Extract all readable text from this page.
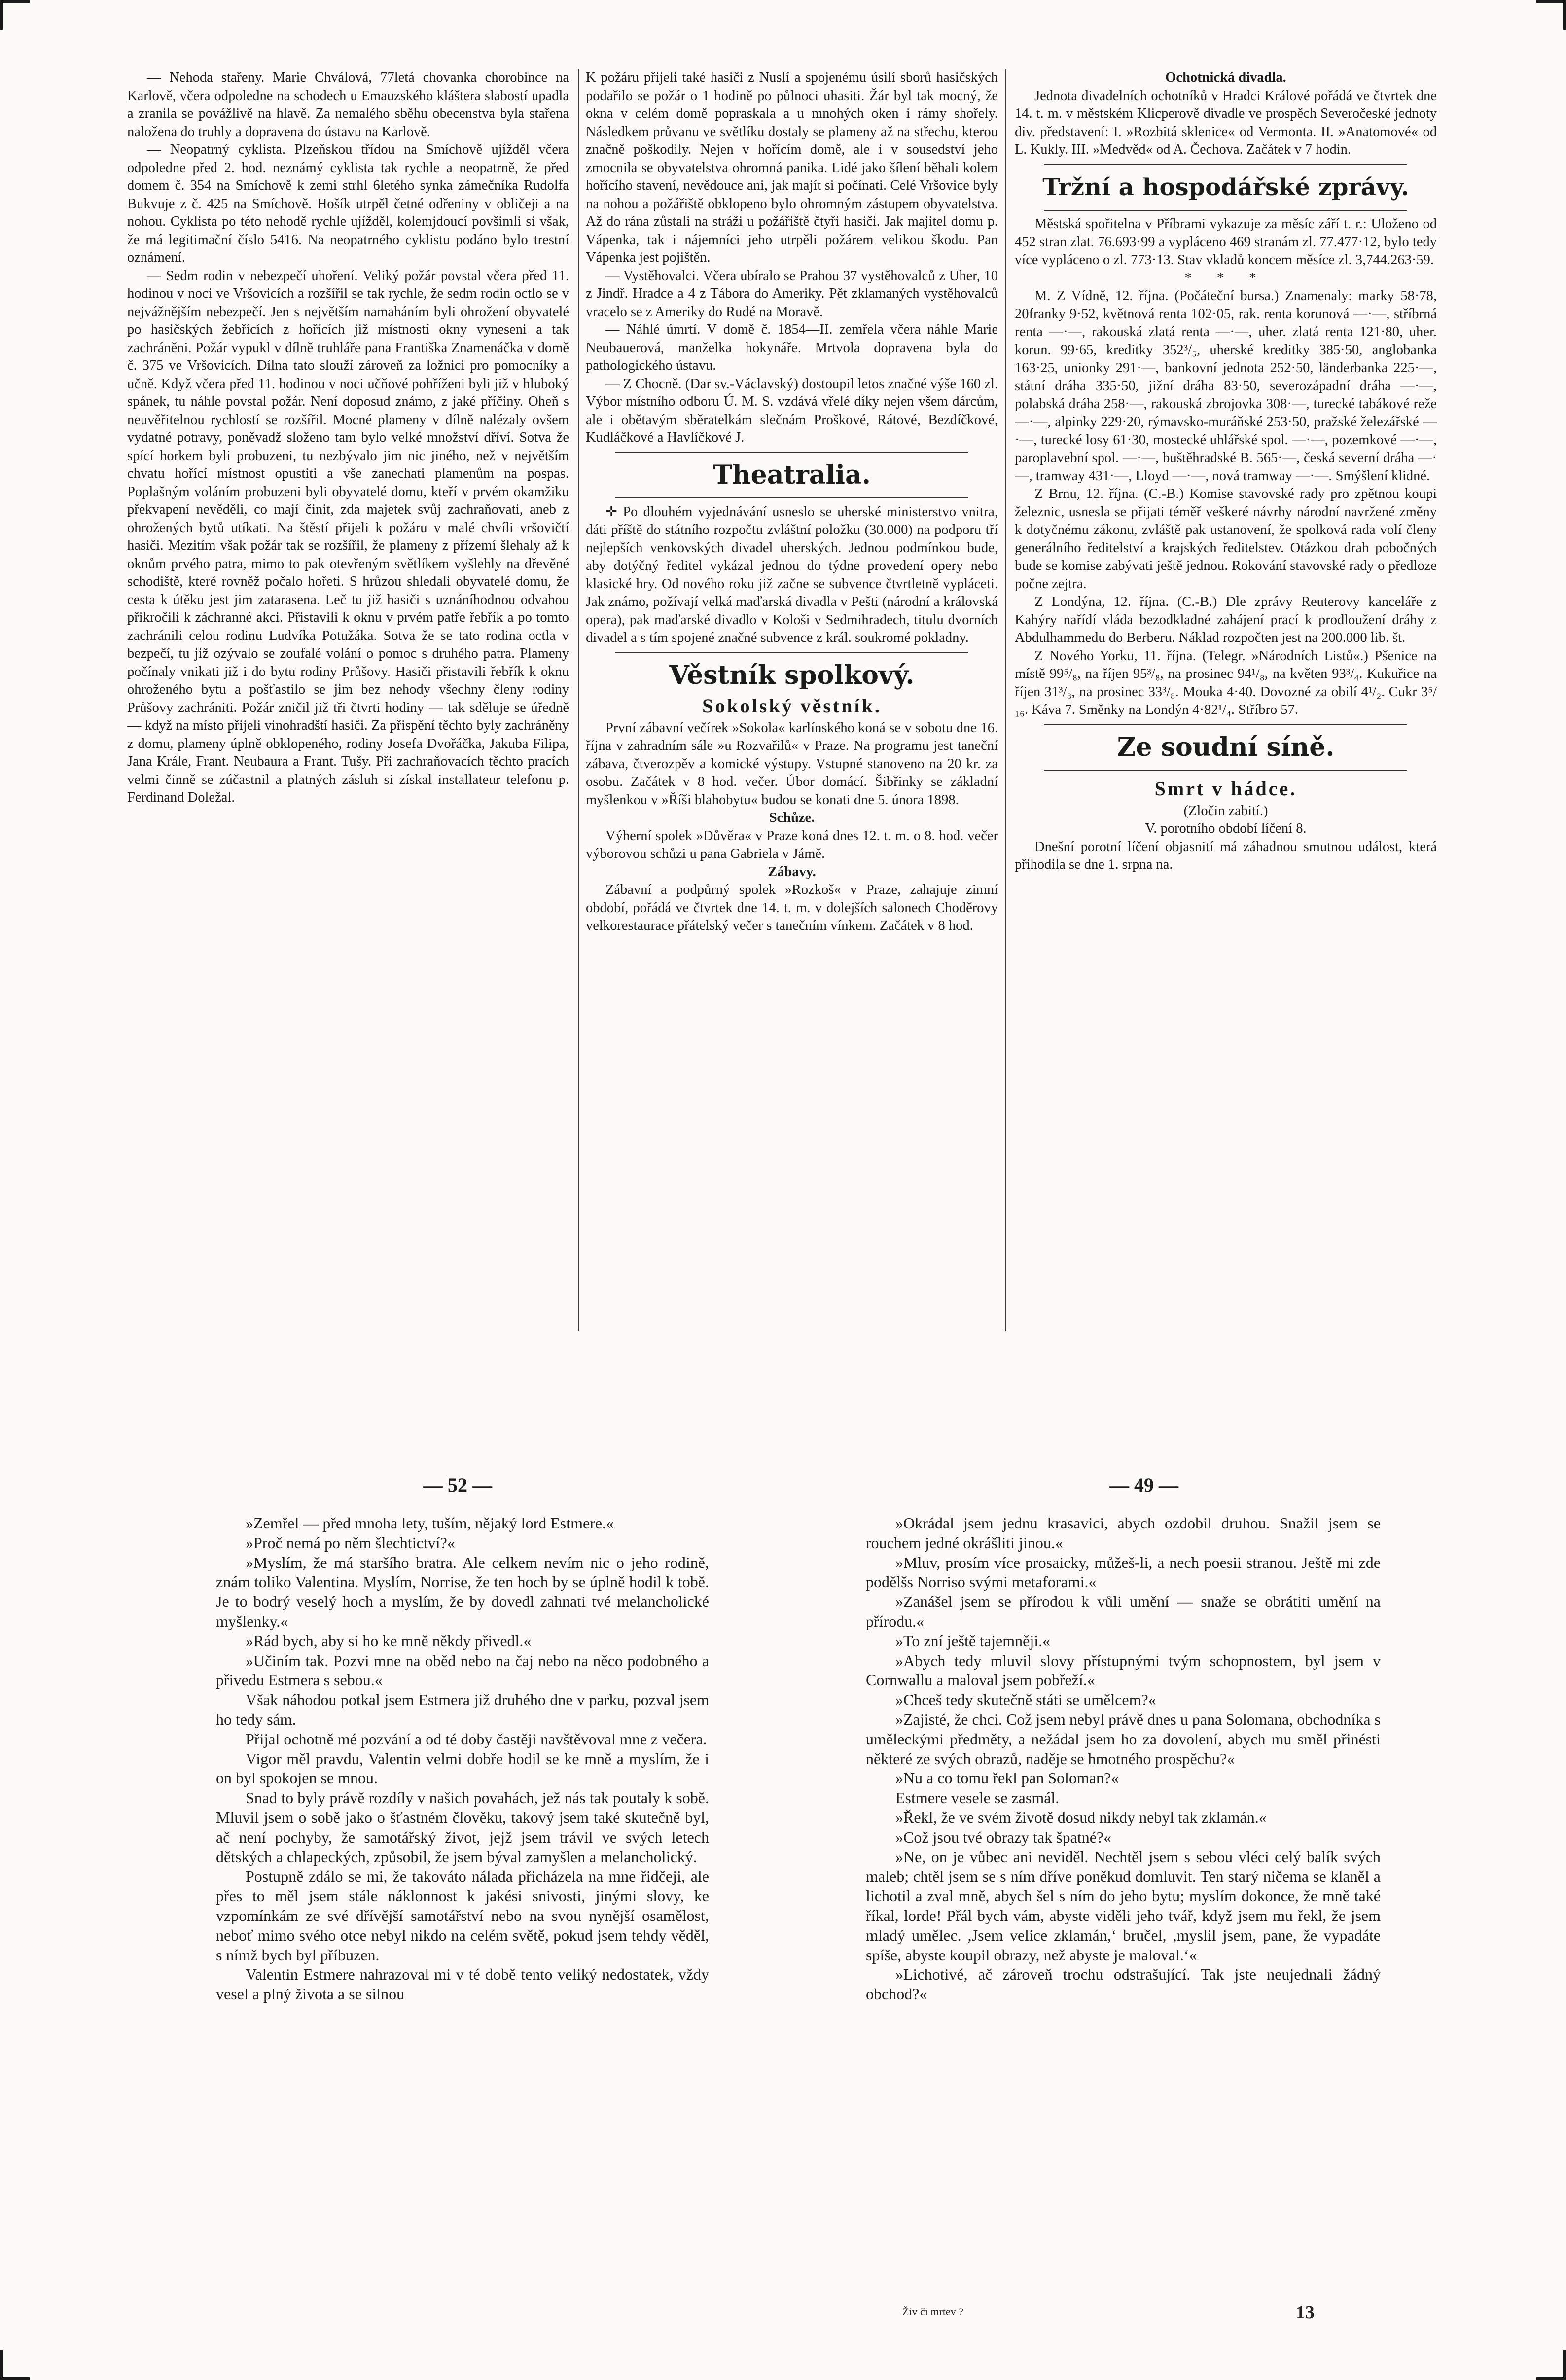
— Nehoda stařeny. Marie Chválová, 77letá chovanka chorobince na Karlově, včera odpoledne na schodech u Emauzského kláštera slabostí upadla a zranila se povážlivě na hlavě. Za nemalého sběhu obecenstva byla stařena naložena do truhly a dopravena do ústavu na Karlově.

— Neopatrný cyklista. Plzeňskou třídou na Smíchově ujížděl včera odpoledne před 2. hod. neznámý cyklista tak rychle a neopatrně, že před domem č. 354 na Smíchově k zemi strhl 6letého synka zámečníka Rudolfa Bukvuje z č. 425 na Smíchově. Hošík utrpěl četné odřeniny v obličeji a na nohou. Cyklista po této nehodě rychle ujížděl, kolemjdoucí povšimli si však, že má legitimační číslo 5416. Na neopatrného cyklistu podáno bylo trestní oznámení.

— Sedm rodin v nebezpečí uhoření. Veliký požár povstal včera před 11. hodinou v noci ve Vršovicích a rozšířil se tak rychle, že sedm rodin octlo se v nejvážnějším nebezpečí. Jen s největším namaháním byli ohrožení obyvatelé po hasičských žebřících z hořících již místností okny vyneseni a tak zachráněni. Požár vypukl v dílně truhláře pana Františka Znamenáčka v domě č. 375 ve Vršovicích. Dílna tato slouží zároveň za ložnici pro pomocníky a učně. Když včera před 11. hodinou v noci učňové pohříženi byli již v hluboký spánek, tu náhle povstal požár. Není doposud známo, z jaké příčiny. Oheň s neuvěřitelnou rychlostí se rozšířil. Mocné plameny v dílně nalézaly ovšem vydatné potravy, poněvadž složeno tam bylo velké množství dříví. Sotva že spící horkem byli probuzeni, tu nezbývalo jim nic jiného, než v největším chvatu hořící místnost opustiti a vše zanechati plamenům na pospas. Poplašným voláním probuzeni byli obyvatelé domu, kteří v prvém okamžiku překvapení nevěděli, co mají činit, zda majetek svůj zachraňovati, aneb z ohrožených bytů utíkati. Na štěstí přijeli k požáru v malé chvíli vršovičtí hasiči. Mezitím však požár tak se rozšířil, že plameny z přízemí šlehaly až k oknům prvého patra, mimo to pak otevřeným světlíkem vyšlehly na dřevěné schodiště, které rovněž počalo hořeti. S hrůzou shledali obyvatelé domu, že cesta k útěku jest jim zatarasena. Leč tu již hasiči s uznáníhodnou odvahou přikročili k záchranné akci. Přistavili k oknu v prvém patře řebřík a po tomto zachránili celou rodinu Ludvíka Potužáka. Sotva že se tato rodina octla v bezpečí, tu již ozývalo se zoufalé volání o pomoc s druhého patra. Plameny počínaly vnikati již i do bytu rodiny Průšovy. Hasiči přistavili řebřík k oknu ohroženého bytu a pošťastilo se jim bez nehody všechny členy rodiny Průšovy zachrániti. Požár zničil již tři čtvrti hodiny — tak sděluje se úředně — když na místo přijeli vinohradští hasiči. Za přispění těchto byly zachráněny z domu, plameny úplně obklopeného, rodiny Josefa Dvořáčka, Jakuba Filipa, Jana Krále, Frant. Neubaura a Frant. Tušy. Při zachraňovacích těchto pracích velmi činně se zúčastnil a platných zásluh si získal installateur telefonu p. Ferdinand Doležal.

K požáru přijeli také hasiči z Nuslí a spojenému úsilí sborů hasičských podařilo se požár o 1 hodině po půlnoci uhasiti. Žár byl tak mocný, že okna v celém domě popraskala a u mnohých oken i rámy shořely. Následkem průvanu ve světlíku dostaly se plameny až na střechu, kterou značně poškodily. Nejen v hořícím domě, ale i v sousedství jeho zmocnila se obyvatelstva ohromná panika. Lidé jako šílení běhali kolem hořícího stavení, nevědouce ani, jak majít si počínati. Celé Vršovice byly na nohou a požářiště obklopeno bylo ohromným zástupem obyvatelstva. Až do rána zůstali na stráži u požářiště čtyři hasiči. Jak majitel domu p. Vápenka, tak i nájemníci jeho utrpěli požárem velikou škodu. Pan Vápenka jest pojištěn.

— Vystěhovalci. Včera ubíralo se Prahou 37 vystěhovalců z Uher, 10 z Jindř. Hradce a 4 z Tábora do Ameriky. Pět zklamaných vystěhovalců vracelo se z Ameriky do Rudé na Moravě.

— Náhlé úmrtí. V domě č. 1854—II. zemřela včera náhle Marie Neubauerová, manželka hokynáře. Mrtvola dopravena byla do pathologického ústavu.

— Z Chocně. (Dar sv.-Václavský) dostoupil letos značné výše 160 zl. Výbor místního odboru Ú. M. S. vzdává vřelé díky nejen všem dárcům, ale i obětavým sběratelkám slečnám Proškové, Rátové, Bezdíčkové, Kudláčkové a Havlíčkové J.

Theatralia.

✛ Po dlouhém vyjednávání usneslo se uherské ministerstvo vnitra, dáti příště do státního rozpočtu zvláštní položku (30.000) na podporu tří nejlepších venkovských divadel uherských. Jednou podmínkou bude, aby dotýčný ředitel vykázal jednou do týdne provedení opery nebo klasické hry. Od nového roku již začne se subvence čtvrtletně vypláceti. Jak známo, požívají velká maďarská divadla v Pešti (národní a královská opera), pak maďarské divadlo v Kološi v Sedmihradech, titulu dvorních divadel a s tím spojené značné subvence z král. soukromé pokladny.

Věstník spolkový.

Sokolský věstník.

První zábavní večírek »Sokola« karlínského koná se v sobotu dne 16. října v zahradním sále »u Rozvařilů« v Praze. Na programu jest taneční zábava, čtverozpěv a komické výstupy. Vstupné stanoveno na 20 kr. za osobu. Začátek v 8 hod. večer. Úbor domácí. Šibřinky se základní myšlenkou v »Říši blahobytu« budou se konati dne 5. února 1898.

Schůze.

Výherní spolek »Důvěra« v Praze koná dnes 12. t. m. o 8. hod. večer výborovou schůzi u pana Gabriela v Jámě.

Zábavy.

Zábavní a podpůrný spolek »Rozkoš« v Praze, zahajuje zimní období, pořádá ve čtvrtek dne 14. t. m. v dolejších salonech Choděrovy velkorestaurace přátelský večer s tanečním vínkem. Začátek v 8 hod.

Ochotnická divadla.

Jednota divadelních ochotníků v Hradci Králové pořádá ve čtvrtek dne 14. t. m. v městském Klicperově divadle ve prospěch Severočeské jednoty div. představení: I. »Rozbitá sklenice« od Vermonta. II. »Anatomové« od L. Kukly. III. »Medvěd« od A. Čechova. Začátek v 7 hodin.

Tržní a hospodářské zprávy.

Městská spořitelna v Příbrami vykazuje za měsíc září t. r.: Uloženo od 452 stran zlat. 76.693·99 a vypláceno 469 stranám zl. 77.477·12, bylo tedy více vypláceno o zl. 773·13. Stav vkladů koncem měsíce zl. 3,744.263·59.

* * *

M. Z Vídně, 12. října. (Počáteční bursa.) Znamenaly: marky 58·78, 20franky 9·52, květnová renta 102·05, rak. renta korunová —·—, stříbrná renta —·—, rakouská zlatá renta —·—, uher. zlatá renta 121·80, uher. korun. 99·65, kreditky 352³/₅, uherské kreditky 385·50, anglobanka 163·25, unionky 291·—, bankovní jednota 252·50, länderbanka 225·—, státní dráha 335·50, jižní dráha 83·50, severozápadní dráha —·—, polabská dráha 258·—, rakouská zbrojovka 308·—, turecké tabákové reže —·—, alpinky 229·20, rýmavsko-muráňské 253·50, pražské železářské —·—, turecké losy 61·30, mostecké uhlářské spol. —·—, pozemkové —·—, paroplavební spol. —·—, buštěhradské B. 565·—, česká severní dráha —·—, tramway 431·—, Lloyd —·—, nová tramway —·—. Smýšlení klidné.

Z Brnu, 12. října. (C.-B.) Komise stavovské rady pro zpětnou koupi železnic, usnesla se přijati téměř veškeré návrhy národní navržené změny k dotyčnému zákonu, zvláště pak ustanovení, že spolková rada volí členy generálního ředitelství a krajských ředitelstev. Otázkou drah pobočných bude se komise zabývati ještě jednou. Rokování stavovské rady o předloze počne zejtra.

Z Londýna, 12. října. (C.-B.) Dle zprávy Reuterovy kanceláře z Kahýry nařídí vláda bezodkladné zahájení prací k prodloužení dráhy z Abdulhammedu do Berberu. Náklad rozpočten jest na 200.000 lib. št.

Z Nového Yorku, 11. října. (Telegr. »Národních Listů«.) Pšenice na místě 99⁵/₈, na říjen 95³/₈, na prosinec 94¹/₈, na květen 93³/₄. Kukuřice na říjen 31³/₈, na prosinec 33³/₈. Mouka 4·40. Dovozné za obilí 4¹/₂. Cukr 3⁵/₁₆. Káva 7. Směnky na Londýn 4·82¹/₄. Stříbro 57.

Ze soudní síně.

Smrt v hádce.

(Zločin zabití.)

V. porotního období líčení 8.

Dnešní porotní líčení objasnití má záhadnou smutnou událost, která přihodila se dne 1. srpna na.

— 52 —	— 49 —

»Zemřel — před mnoha lety, tuším, nějaký lord Estmere.«

»Proč nemá po něm šlechtictví?«

»Myslím, že má staršího bratra. Ale celkem nevím nic o jeho rodině, znám toliko Valentina. Myslím, Norrise, že ten hoch by se úplně hodil k tobě. Je to bodrý veselý hoch a myslím, že by dovedl zahnati tvé melancholické myšlenky.«

»Rád bych, aby si ho ke mně někdy přivedl.«

»Učiním tak. Pozvi mne na oběd nebo na čaj nebo na něco podobného a přivedu Estmera s sebou.«

Však náhodou potkal jsem Estmera již druhého dne v parku, pozval jsem ho tedy sám.

Přijal ochotně mé pozvání a od té doby častěji navštěvoval mne z večera.

Vigor měl pravdu, Valentin velmi dobře hodil se ke mně a myslím, že i on byl spokojen se mnou.

Snad to byly právě rozdíly v našich povahách, jež nás tak poutaly k sobě. Mluvil jsem o sobě jako o šťastném člověku, takový jsem také skutečně byl, ač není pochyby, že samotářský život, jejž jsem trávil ve svých letech dětských a chlapeckých, způsobil, že jsem býval zamyšlen a melancholický.

Postupně zdálo se mi, že takováto nálada přicházela na mne řidčeji, ale přes to měl jsem stále náklonnost k jakési snivosti, jinými slovy, ke vzpomínkám ze své dřívější samotářství nebo na svou nynější osamělost, neboť mimo svého otce nebyl nikdo na celém světě, pokud jsem tehdy věděl, s nímž bych byl příbuzen.

Valentin Estmere nahrazoval mi v té době tento veliký nedostatek, vždy vesel a plný života a se silnou

»Okrádal jsem jednu krasavici, abych ozdobil druhou. Snažil jsem se rouchem jedné okrášliti jinou.«

»Mluv, prosím více prosaicky, můžeš-li, a nech poesii stranou. Ještě mi zde podělšs Norriso svými metaforami.«

»Zanášel jsem se přírodou k vůli umění — snaže se obrátiti umění na přírodu.«

»To zní ještě tajemněji.«

»Abych tedy mluvil slovy přístupnými tvým schopnostem, byl jsem v Cornwallu a maloval jsem pobřeží.«

»Chceš tedy skutečně státi se umělcem?«

»Zajisté, že chci. Což jsem nebyl právě dnes u pana Solomana, obchodníka s uměleckými předměty, a nežádal jsem ho za dovolení, abych mu směl přinésti některé ze svých obrazů, naděje se hmotného prospěchu?«

»Nu a co tomu řekl pan Soloman?«

Estmere vesele se zasmál.

»Řekl, že ve svém životě dosud nikdy nebyl tak zklamán.«

»Což jsou tvé obrazy tak špatné?«

»Ne, on je vůbec ani neviděl. Nechtěl jsem s sebou vléci celý balík svých maleb; chtěl jsem se s ním dříve poněkud domluvit. Ten starý ničema se klaněl a lichotil a zval mně, abych šel s ním do jeho bytu; myslím dokonce, že mně také říkal, lorde! Přál bych vám, abyste viděli jeho tvář, když jsem mu řekl, že jsem mladý umělec. ,Jsem velice zklamán,‘ bručel, ,myslil jsem, pane, že vypadáte spíše, abyste koupil obrazy, než abyste je maloval.‘«

»Lichotivé, ač zároveň trochu odstrašující. Tak jste neujednali žádný obchod?«

Živ či mrtev ?	13
